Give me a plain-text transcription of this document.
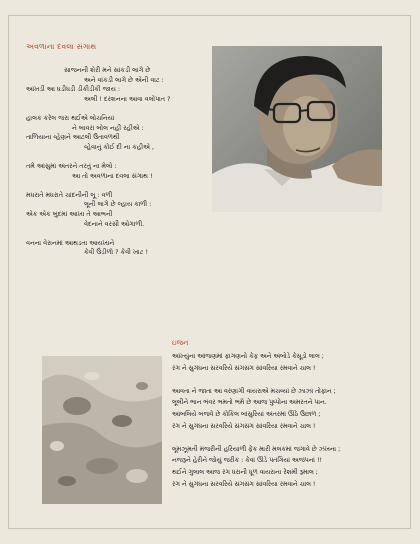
અવળાના દવલા સંગાથ
સાજનની શેરી મને સાંકડી લાગે છે
અને વાંકડી લાગે છે એની વાટ :
આંખડી આ ધડીધડી ડીકીડીકી જાય :
અલી ! દરશનના આવા વલોપાત ?
હાલક કરેલ જરા થઈએ લોચનિયાં
ને બાવરાં બોલ નહીં રહીએ :
તાળિયાના વ્હેણને આટલી ઉતાવળથી
વ્હેવાનું કોઈ દી ના કહીએ ,
તમે આંસુમાં અંતરને તરતું ના મેલો :
આ તો અવળાના દવલા સંગાથ !
મધરાતે મધરાતે ચાંદનીની લૂ : વળી
લૂની લાગે છે લ્હાય કાળી :
એક એક બુંદમાં આખા તે આભની
વેદનાને વરસી ઓગાળી.
વનના વેરાનમાં આથડતા આયખાને
કેવી ઉંડીળો ? કેવી ખાટ !
ઇજન
આંખ્યુંના આંજણમાં ફાગણનો કેફ અને અંબોડે કેસૂડો લાલ ;
રંગ ને સુગંધના સરવરિયે સંગસંગ સાંવરિયા રમવાને ચાલ !
આવતા ને જાતા આ વરણાગી વાયરાએ મચવ્યાં છે ઝાઝાં તોફાન ;
લૂલીને ભાન ભંવર ભમતો ભમે છે આજ પુષ્પોના અમરતને પાન.
આંબલિયે બજવે છે કોકિલ બાંસુરિયાં અંતરમાં ઊઠે ઉછાળ ;
રંગ ને સુગંધના સરવરિયે સંગસંગ સાંવરિયા રમવાને ચાલ !
લૂમઝૂમતી મંજરીની હરિયાળી ફેંક મારી મલકમાં જગાવે છે ઝંખના ;
નજરૂને હેરીને જોયું જરીક : કેવાં ઊડે પતંગિયાં અજંપનાં !!
થઈને ગુલાલ આજ રંગ ધરાની ધૂળ વાયરાના રેશમી રૂમાલ ;
રંગ ને સુગંધના સરવરિયે સંગસંગ સાંવરિયા રમવાને ચાલ !
